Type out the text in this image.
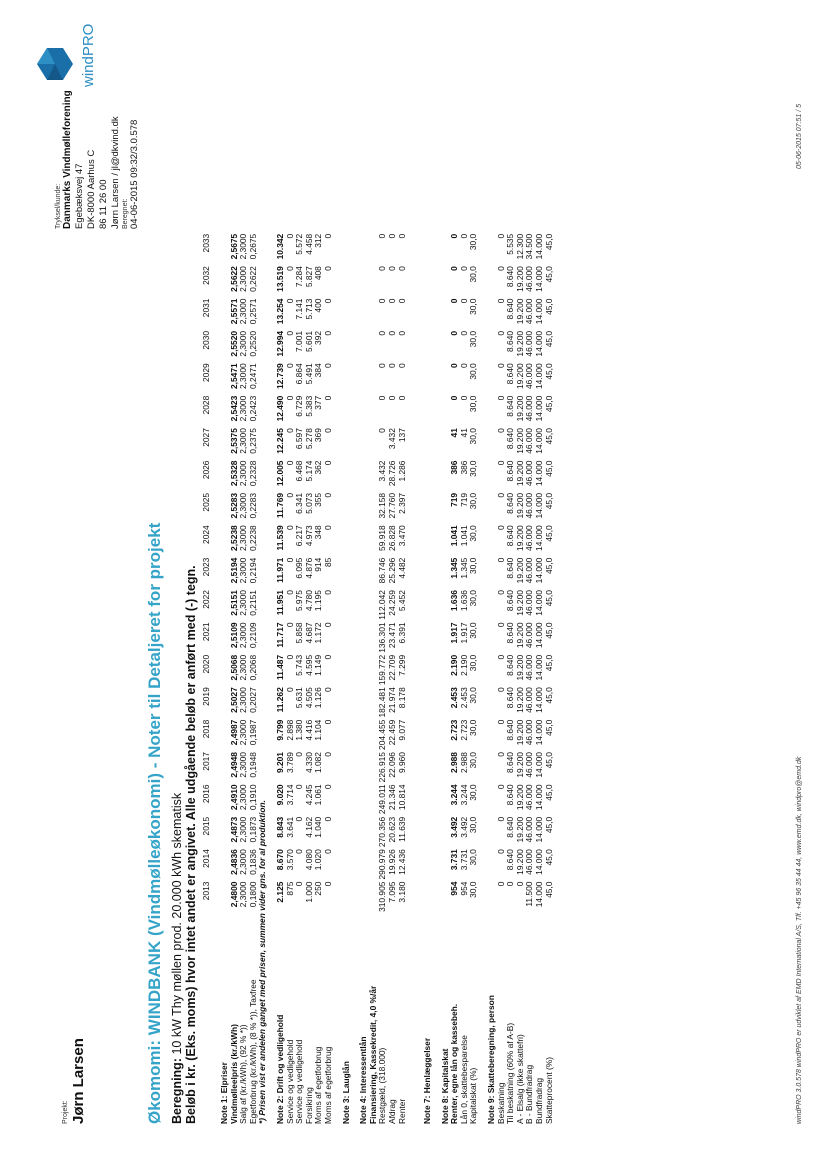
Projekt: Jørn Larsen
Tryksel/kunde: Danmarks Vindmølleforening Egebæksvej 47 DK-8000 Aarhus C 86 11 26 00 Jørn Larsen / jl@dkvind.dk Beregnet: 04-06-2015 09:32/3.0.578
windPRO
Økomomi: WINDBANK (Vindmølleøkonomi) - Noter til Detaljeret for projekt Beregning: 10 kW Thy møllen prod. 20.000 kWh skematisk Beløb i kr. (Eks. moms) hvor intet andet er angivet. Alle udgående beløb er anført med (-) tegn.
	2013	2014	2015	2016	2017	2018	2019	2020	2021	2022	2023	2024	2025	2026	2027	2028	2029	2030	2031	2032	2033
Note 1: Elpriser																					
Vindmølleelpris (kr./kWh)	2,4800	2,4836	2,4873	2,4910	2,4948	2,4987	2,5027	2,5068	2,5109	2,5151	2,5194	2,5238	2,5283	2,5328	2,5375	2,5423	2,5471	2,5520	2,5571	2,5622	2,5675
Salg af (kr./kWh), (92 % *))	2,3000	2,3000	2,3000	2,3000	2,3000	2,3000	2,3000	2,3000	2,3000	2,3000	2,3000	2,3000	2,3000	2,3000	2,3000	2,3000	2,3000	2,3000	2,3000	2,3000	2,3000
Egetforbrug (kr./kWh), (8 % *)), Taxfree	0,1800	0,1836	0,1873	0,1910	0,1948	0,1987	0,2027	0,2068	0,2109	0,2151	0,2194	0,2238	0,2283	0,2328	0,2375	0,2423	0,2471	0,2520	0,2571	0,2622	0,2675
*) Prisen vist er andelen ganget med prisen, summen vider gns. for al produktion.																					

Note 2: Drift og vedligehold	2.125	8.670	8.843	9.020	9.201	9.799	11.262	11.487	11.717	11.951	11.971	11.539	11.769	12.005	12.245	12.490	12.739	12.994	13.254	13.519	10.342
Service og vedligehold	875	3.570	3.641	3.714	3.789	2.898	0	0	0	0	0	0	0	0	0	0	0	0	0	0	0
Service og vedligehold	0	0	0	0	0	1.380	5.631	5.743	5.858	5.975	6.095	6.217	6.341	6.468	6.597	6.729	6.864	7.001	7.141	7.284	5.572
Forsikring	1.000	4.080	4.162	4.245	4.330	4.416	4.505	4.595	4.687	4.780	4.876	4.973	5.073	5.174	5.278	5.383	5.491	5.601	5.713	5.827	4.458
Moms af egetforbrug	250	1.020	1.040	1.061	1.082	1.104	1.126	1.149	1.172	1.195	914	348	355	362	369	377	384	392	400	408	312
Moms af egetforbrug	0	0	0	0	0	0	0	0	0	0	85	0	0	0	0	0	0	0	0	0	0

Note 3: Lauglån																					

Note 4: Interessentlån																					
Finansiering, Kassekredit, 4,0 %/år																					
Restgæld, (318.000)	310.905	290.979	270.356	249.011	226.915	204.455	182.481	159.772	136.301	112.042	86.746	59.918	32.158	3.432	0	0	0	0	0	0	0
Afdrag	7.095	19.926	20.623	21.346	22.096	22.459	21.974	22.709	23.471	24.259	25.296	26.828	27.760	28.726	3.432	0	0	0	0	0	0
Renter	3.180	12.436	11.639	10.814	9.960	9.077	8.178	7.299	6.391	5.452	4.482	3.470	2.397	1.286	137	0	0	0	0	0	0

Note 7: Henlæggelser																					

Note 8: Kapitalskat																					
Renter, egne lån og kassebeh.	954	3.731	3.492	3.244	2.988	2.723	2.453	2.190	1.917	1.636	1.345	1.041	719	386	41	0	0	0	0	0	0
Lån 0, skattebesparelse	954	3.731	3.492	3.244	2.988	2.723	2.453	2.190	1.917	1.636	1.345	1.041	719	386	41	0	0	0	0	0	0
Kapitalskat (%)	30,0	30,0	30,0	30,0	30,0	30,0	30,0	30,0	30,0	30,0	30,0	30,0	30,0	30,0	30,0	30,0	30,0	30,0	30,0	30,0	30,0

Note 9: Skatteberegning, person																					
Beskatning	0	0	0	0	0	0	0	0	0	0	0	0	0	0	0	0	0	0	0	0	0
Til beskatning (60% af A-B)	0	8.640	8.640	8.640	8.640	8.640	8.640	8.640	8.640	8.640	8.640	8.640	8.640	8.640	8.640	8.640	8.640	8.640	8.640	8.640	5.535
A - Elsalg (ikke skattefri)	0	19.200	19.200	19.200	19.200	19.200	19.200	19.200	19.200	19.200	19.200	19.200	19.200	19.200	19.200	19.200	19.200	19.200	19.200	19.200	12.300
B - Bundfradrag	11.500	46.000	46.000	46.000	46.000	46.000	46.000	46.000	46.000	46.000	46.000	46.000	46.000	46.000	46.000	46.000	46.000	46.000	46.000	46.000	34.500
Bundfradrag	14.000	14.000	14.000	14.000	14.000	14.000	14.000	14.000	14.000	14.000	14.000	14.000	14.000	14.000	14.000	14.000	14.000	14.000	14.000	14.000	14.000
Skatteprocent (%)	45,0	45,0	45,0	45,0	45,0	45,0	45,0	45,0	45,0	45,0	45,0	45,0	45,0	45,0	45,0	45,0	45,0	45,0	45,0	45,0	45,0
windPRO 3.0.578 windPRO er udviklet af EMD International A/S, Tlf. +45 96 35 44 44, www.emd.dk, windpro@emd.dk
05-06-2015 07:51 / 5
